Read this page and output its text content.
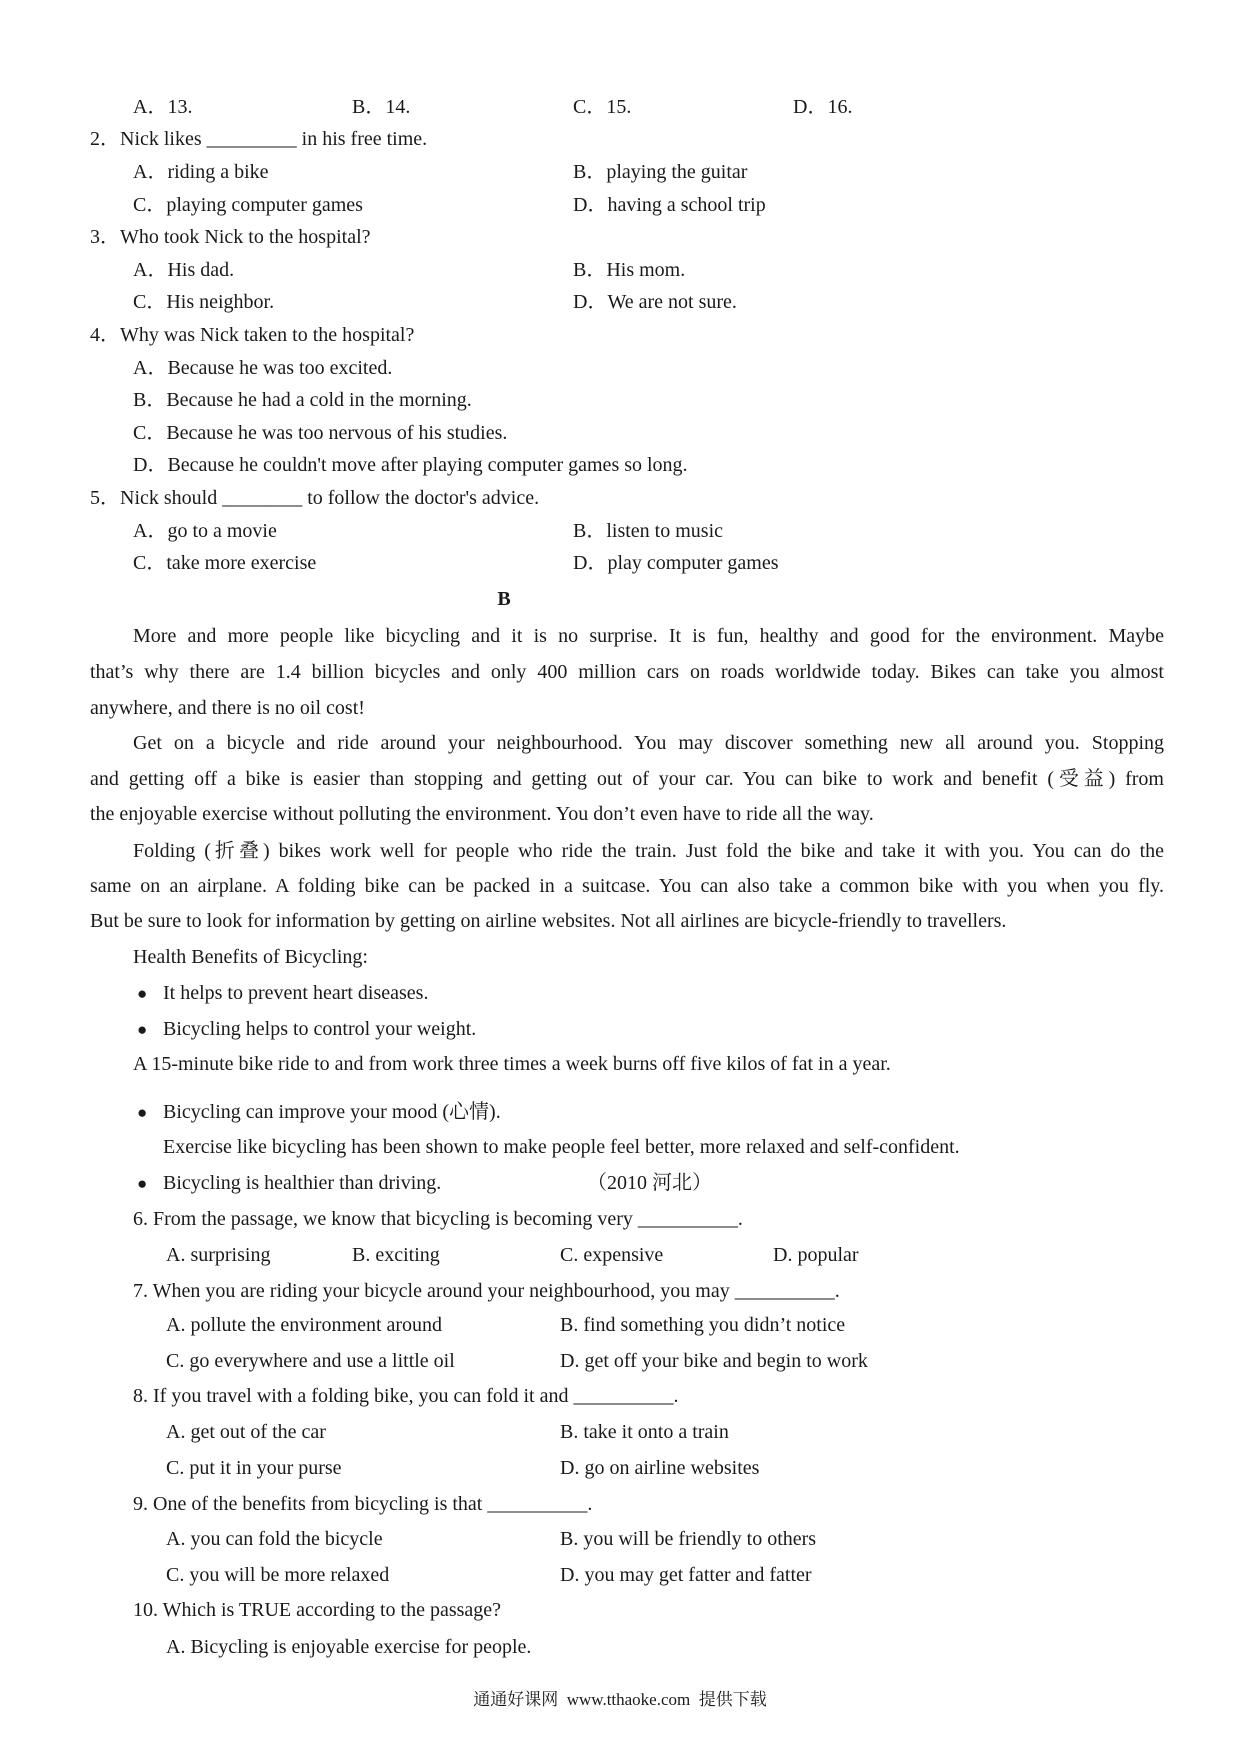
A．13.	B．14.	C．15.	D．16.
2．Nick likes _________ in his free time.
A．riding a bike	B．playing the guitar
C．playing computer games	D．having a school trip
3．Who took Nick to the hospital?
A．His dad.	B．His mom.
C．His neighbor.	D．We are not sure.
4．Why was Nick taken to the hospital?
A．Because he was too excited.
B．Because he had a cold in the morning.
C．Because he was too nervous of his studies.
D．Because he couldn't move after playing computer games so long.
5．Nick should ________ to follow the doctor's advice.
A．go to a movie	B．listen to music
C．take more exercise	D．play computer games
B
More and more people like bicycling and it is no surprise. It is fun, healthy and good for the environment. Maybe
that’s why there are 1.4 billion bicycles and only 400 million cars on roads worldwide today. Bikes can take you almost
anywhere, and there is no oil cost!
Get on a bicycle and ride around your neighbourhood. You may discover something new all around you. Stopping
and getting off a bike is easier than stopping and getting out of your car. You can bike to work and benefit (受益) from
the enjoyable exercise without polluting the environment. You don’t even have to ride all the way.
Folding (折叠) bikes work well for people who ride the train. Just fold the bike and take it with you. You can do the
same on an airplane. A folding bike can be packed in a suitcase. You can also take a common bike with you when you fly.
But be sure to look for information by getting on airline websites. Not all airlines are bicycle-friendly to travellers.
Health Benefits of Bicycling:
● It helps to prevent heart diseases.
● Bicycling helps to control your weight.
A 15-minute bike ride to and from work three times a week burns off five kilos of fat in a year.
● Bicycling can improve your mood (心情).
Exercise like bicycling has been shown to make people feel better, more relaxed and self-confident.
● Bicycling is healthier than driving.	（2010 河北）
6. From the passage, we know that bicycling is becoming very __________.
A. surprising	B. exciting	C. expensive	D. popular
7. When you are riding your bicycle around your neighbourhood, you may __________.
A. pollute the environment around	B. find something you didn’t notice
C. go everywhere and use a little oil	D. get off your bike and begin to work
8. If you travel with a folding bike, you can fold it and __________.
A. get out of the car	B. take it onto a train
C. put it in your purse	D. go on airline websites
9. One of the benefits from bicycling is that __________.
A. you can fold the bicycle	B. you will be friendly to others
C. you will be more relaxed	D. you may get fatter and fatter
10. Which is TRUE according to the passage?
A. Bicycling is enjoyable exercise for people.
通通好课网  www.tthaoke.com  提供下载
